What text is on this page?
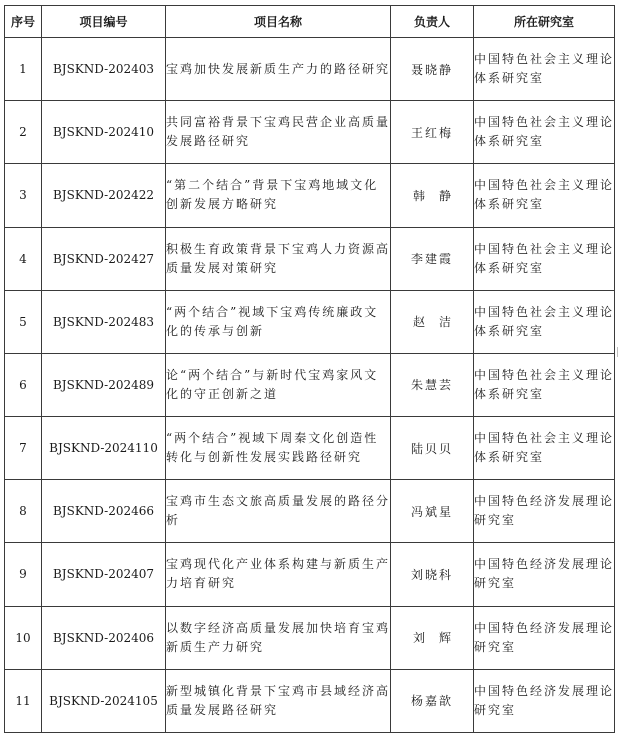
序号	项目编号	项目名称	负责人	所在研究室
1	BJSKND-202403	宝鸡加快发展新质生产力的路径研究	聂晓静	中国特色社会主义理论体系研究室
2	BJSKND-202410	共同富裕背景下宝鸡民营企业高质量发展路径研究	王红梅	中国特色社会主义理论体系研究室
3	BJSKND-202422	“第二个结合”背景下宝鸡地域文化创新发展方略研究	韩静	中国特色社会主义理论体系研究室
4	BJSKND-202427	积极生育政策背景下宝鸡人力资源高质量发展对策研究	李建霞	中国特色社会主义理论体系研究室
5	BJSKND-202483	“两个结合”视域下宝鸡传统廉政文化的传承与创新	赵洁	中国特色社会主义理论体系研究室
6	BJSKND-202489	论“两个结合”与新时代宝鸡家风文化的守正创新之道	朱慧芸	中国特色社会主义理论体系研究室
7	BJSKND-2024110	“两个结合”视域下周秦文化创造性转化与创新性发展实践路径研究	陆贝贝	中国特色社会主义理论体系研究室
8	BJSKND-202466	宝鸡市生态文旅高质量发展的路径分析	冯斌星	中国特色经济发展理论研究室
9	BJSKND-202407	宝鸡现代化产业体系构建与新质生产力培育研究	刘晓科	中国特色经济发展理论研究室
10	BJSKND-202406	以数字经济高质量发展加快培育宝鸡新质生产力研究	刘辉	中国特色经济发展理论研究室
11	BJSKND-2024105	新型城镇化背景下宝鸡市县域经济高质量发展路径研究	杨嘉歆	中国特色经济发展理论研究室
